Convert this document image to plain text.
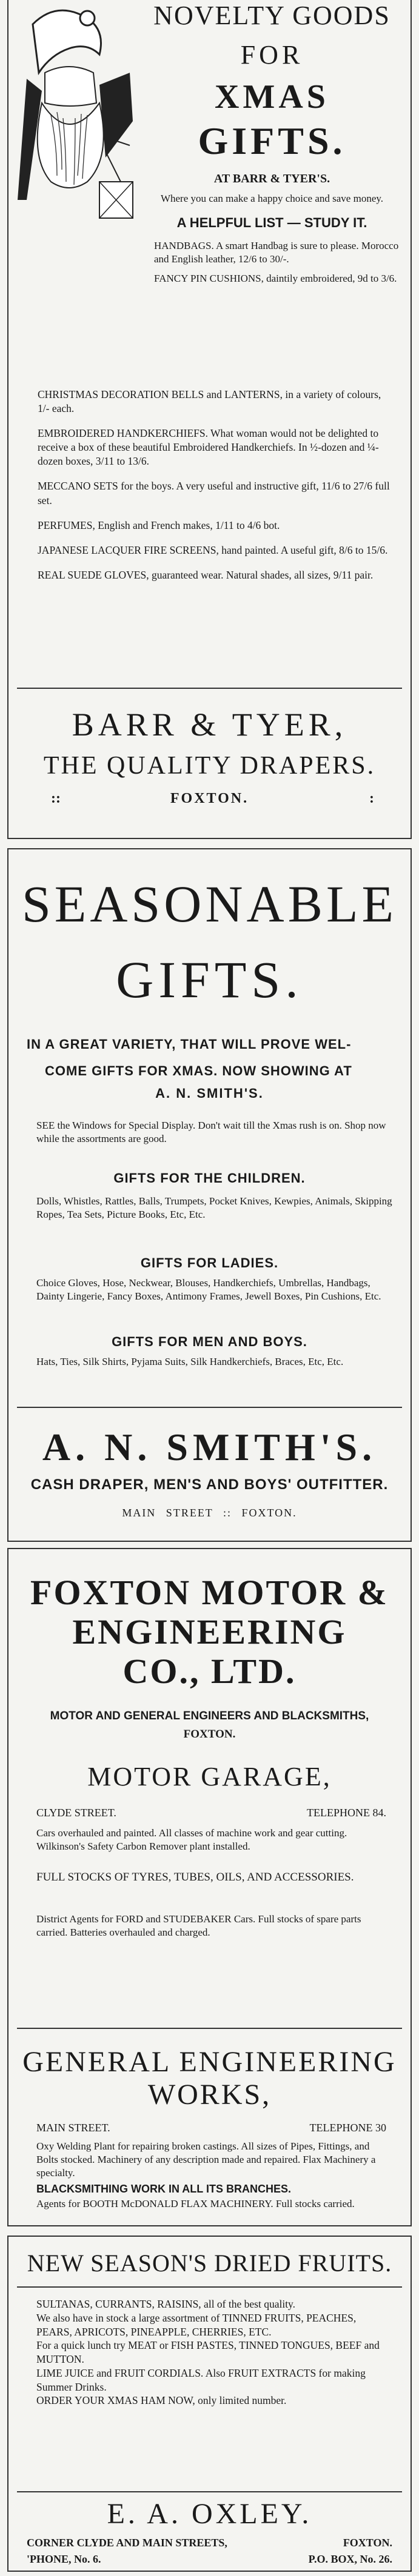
NOVELTY GOODS
FOR
XMAS
GIFTS.
AT BARR & TYER'S.
Where you can make a happy choice and save money.
A HELPFUL LIST — STUDY IT.
HANDBAGS. A smart Handbag is sure to please. Morocco and English leather, 12/6 to 30/-.
FANCY PIN CUSHIONS, daintily embroidered, 9d to 3/6.

CHRISTMAS DECORATION BELLS and LANTERNS, in a variety of colours, 1/- each.

EMBROIDERED HANDKERCHIEFS. What woman would not be delighted to receive a box of these beautiful Embroidered Handkerchiefs. In ½-dozen and ¼-dozen boxes, 3/11 to 13/6.

MECCANO SETS for the boys. A very useful and instructive gift, 11/6 to 27/6 full set.

PERFUMES, English and French makes, 1/11 to 4/6 bot.

JAPANESE LACQUER FIRE SCREENS, hand painted. A useful gift, 8/6 to 15/6.

REAL SUEDE GLOVES, guaranteed wear. Natural shades, all sizes, 9/11 pair.

BARR & TYER,
THE QUALITY DRAPERS.
::	FOXTON.	:
SEASONABLE
GIFTS.
IN A GREAT VARIETY, THAT WILL PROVE WEL-
COME GIFTS FOR XMAS. NOW SHOWING AT
A. N. SMITH'S.
SEE the Windows for Special Display. Don't wait till the Xmas rush is on. Shop now while the assortments are good.
GIFTS FOR THE CHILDREN.
Dolls, Whistles, Rattles, Balls, Trumpets, Pocket Knives, Kewpies, Animals, Skipping Ropes, Tea Sets, Picture Books, Etc, Etc.
GIFTS FOR LADIES.
Choice Gloves, Hose, Neckwear, Blouses, Handkerchiefs, Umbrellas, Handbags, Dainty Lingerie, Fancy Boxes, Antimony Frames, Jewell Boxes, Pin Cushions, Etc.
GIFTS FOR MEN AND BOYS.
Hats, Ties, Silk Shirts, Pyjama Suits, Silk Handkerchiefs, Braces, Etc, Etc.
A. N. SMITH'S.
CASH DRAPER, MEN'S AND BOYS' OUTFITTER.
MAIN STREET :: FOXTON.
FOXTON MOTOR &
ENGINEERING
CO., LTD.
MOTOR AND GENERAL ENGINEERS AND BLACKSMITHS,
FOXTON.
MOTOR GARAGE,
CLYDE STREET.	TELEPHONE 84.
Cars overhauled and painted. All classes of machine work and gear cutting. Wilkinson's Safety Carbon Remover plant installed.
FULL STOCKS OF TYRES, TUBES, OILS, AND ACCESSORIES.
District Agents for FORD and STUDEBAKER Cars. Full stocks of spare parts carried. Batteries overhauled and charged.
GENERAL ENGINEERING
WORKS,
MAIN STREET.	TELEPHONE 30
Oxy Welding Plant for repairing broken castings. All sizes of Pipes, Fittings, and Bolts stocked. Machinery of any description made and repaired. Flax Machinery a specialty.
BLACKSMITHING WORK IN ALL ITS BRANCHES.
Agents for BOOTH McDONALD FLAX MACHINERY. Full stocks carried.
NEW SEASON'S DRIED FRUITS.

SULTANAS, CURRANTS, RAISINS, all of the best quality.

We also have in stock a large assortment of TINNED FRUITS, PEACHES, PEARS, APRICOTS, PINEAPPLE, CHERRIES, ETC.

For a quick lunch try MEAT or FISH PASTES, TINNED TONGUES, BEEF and MUTTON.

LIME JUICE and FRUIT CORDIALS. Also FRUIT EXTRACTS for making Summer Drinks.

ORDER YOUR XMAS HAM NOW, only limited number.

E. A. OXLEY.
CORNER CLYDE AND MAIN STREETS,	FOXTON.
'PHONE, No. 6.	P.O. BOX, No. 26.
